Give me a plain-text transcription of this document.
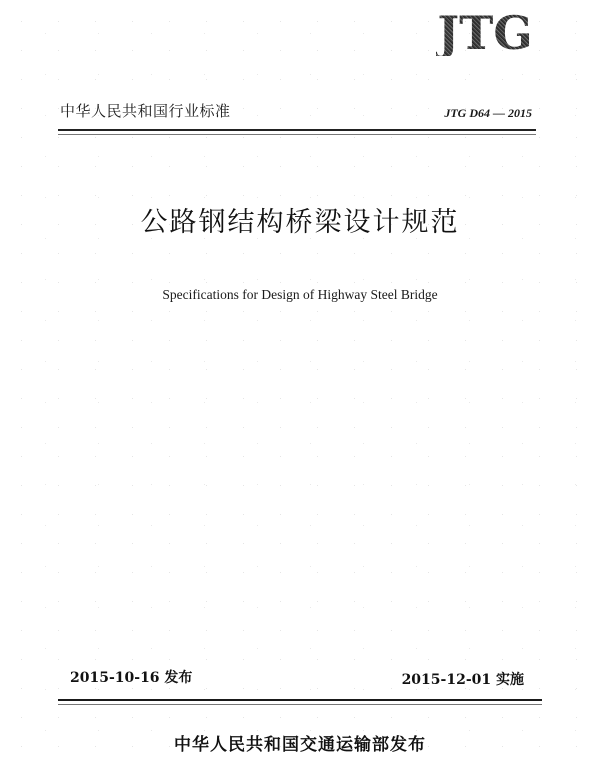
JTG
中华人民共和国行业标准	JTG D64 — 2015
公路钢结构桥梁设计规范
Specifications for Design of Highway Steel Bridge
2015-10-16 发布	2015-12-01 实施
中华人民共和国交通运输部发布
